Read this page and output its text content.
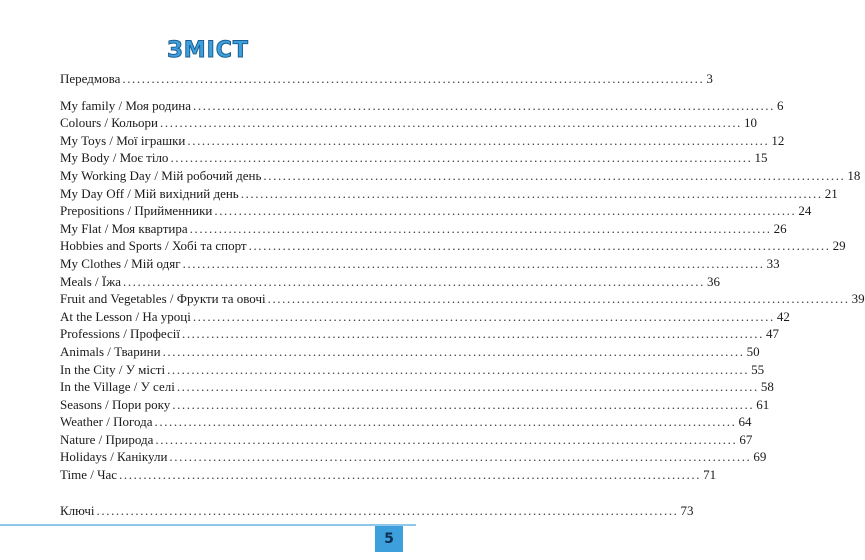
ЗМІСТ
Передмова ........................................................................................................................ 3
My family / Моя родина ........................................................................................................................ 6
Colours / Кольори ........................................................................................................................ 10
My Toys / Мої іграшки ........................................................................................................................ 12
My Body / Моє тіло ........................................................................................................................ 15
My Working Day / Мій робочий день ........................................................................................................................ 18
My Day Off / Мій вихідний день ........................................................................................................................ 21
Prepositions / Прийменники ........................................................................................................................ 24
My Flat / Моя квартира ........................................................................................................................ 26
Hobbies and Sports / Хобі та спорт ........................................................................................................................ 29
My Clothes / Мій одяг ........................................................................................................................ 33
Meals / Їжа ........................................................................................................................ 36
Fruit and Vegetables / Фрукти та овочі ........................................................................................................................ 39
At the Lesson / На уроці ........................................................................................................................ 42
Professions / Професії ........................................................................................................................ 47
Animals / Тварини ........................................................................................................................ 50
In the City / У місті ........................................................................................................................ 55
In the Village / У селі ........................................................................................................................ 58
Seasons / Пори року ........................................................................................................................ 61
Weather / Погода ........................................................................................................................ 64
Nature / Природа ........................................................................................................................ 67
Holidays / Канікули ........................................................................................................................ 69
Time / Час ........................................................................................................................ 71
Ключі ........................................................................................................................ 73
5
